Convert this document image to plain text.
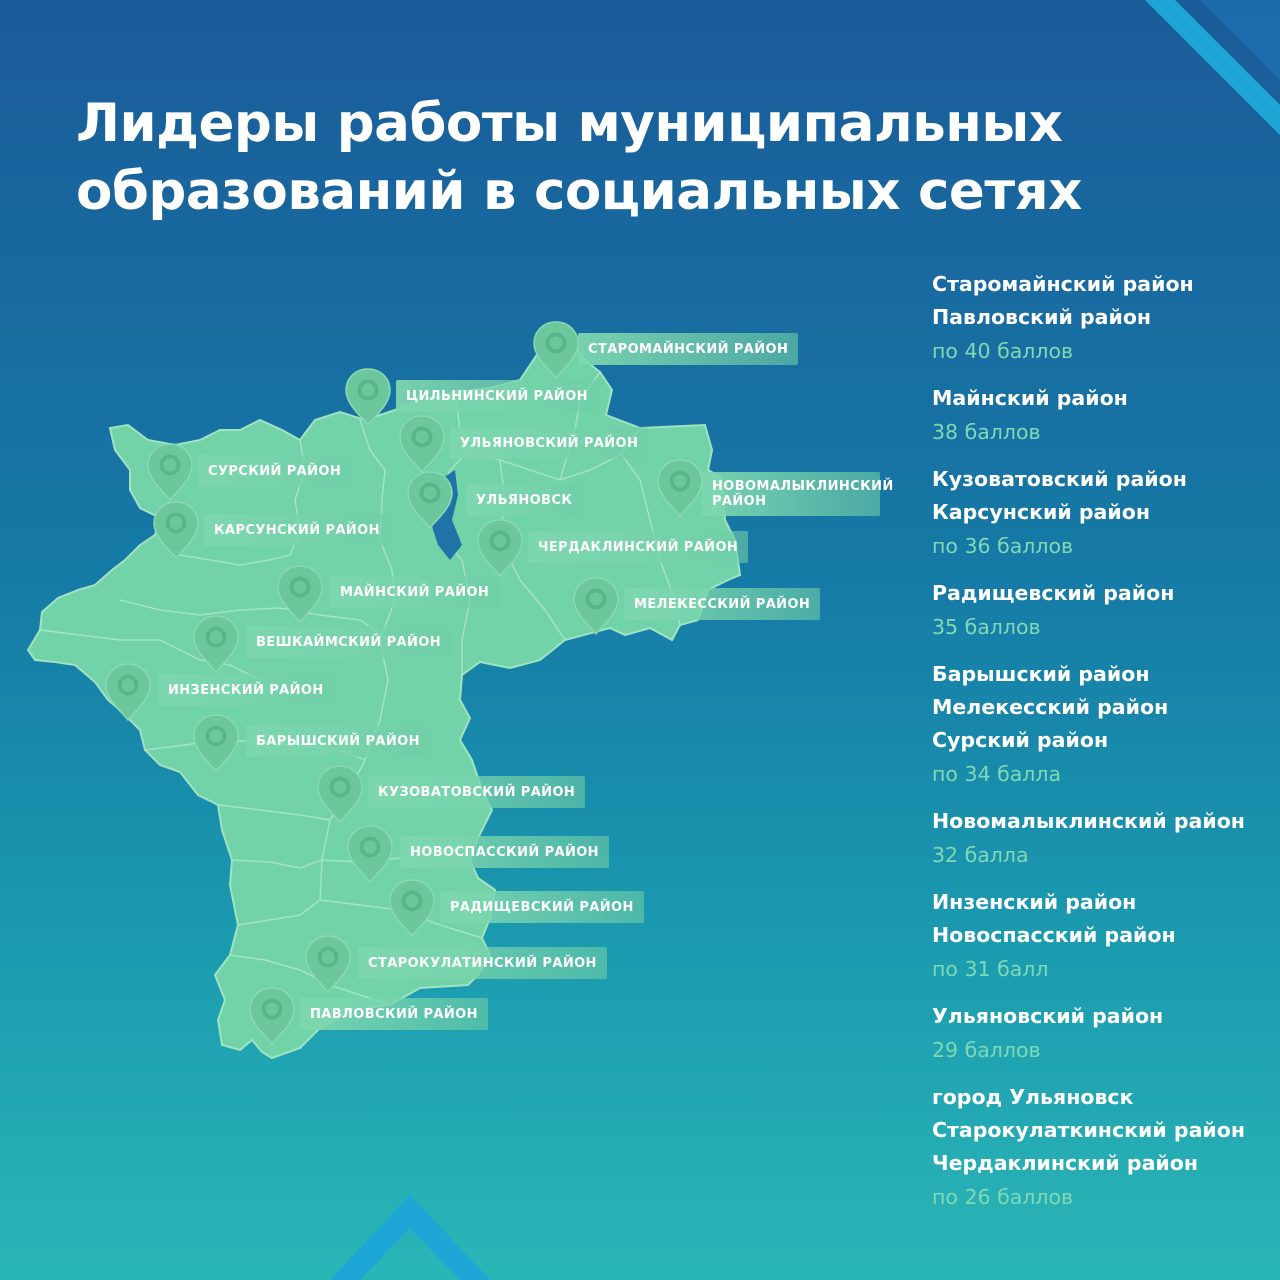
Лидеры работы муниципальных
образований в социальных сетях
СТАРОМАЙНСКИЙ РАЙОН
ЦИЛЬНИНСКИЙ РАЙОН
УЛЬЯНОВСКИЙ РАЙОН
СУРСКИЙ РАЙОН
НОВОМАЛЫКЛИНСКИЙ РАЙОН
УЛЬЯНОВСК
КАРСУНСКИЙ РАЙОН
ЧЕРДАКЛИНСКИЙ РАЙОН
МАЙНСКИЙ РАЙОН
МЕЛЕКЕССКИЙ РАЙОН
ВЕШКАЙМСКИЙ РАЙОН
ИНЗЕНСКИЙ РАЙОН
БАРЫШСКИЙ РАЙОН
КУЗОВАТОВСКИЙ РАЙОН
НОВОСПАССКИЙ РАЙОН
РАДИЩЕВСКИЙ РАЙОН
СТАРОКУЛАТИНСКИЙ РАЙОН
ПАВЛОВСКИЙ РАЙОН
Старомайнский район
Павловский район
по 40 баллов
Майнский район
38 баллов
Кузоватовский район
Карсунский район
по 36 баллов
Радищевский район
35 баллов
Барышский район
Мелекесский район
Сурский район
по 34 балла
Новомалыклинский район
32 балла
Инзенский район
Новоспасский район
по 31 балл
Ульяновский район
29 баллов
город Ульяновск
Старокулаткинский район
Чердаклинский район
по 26 баллов
